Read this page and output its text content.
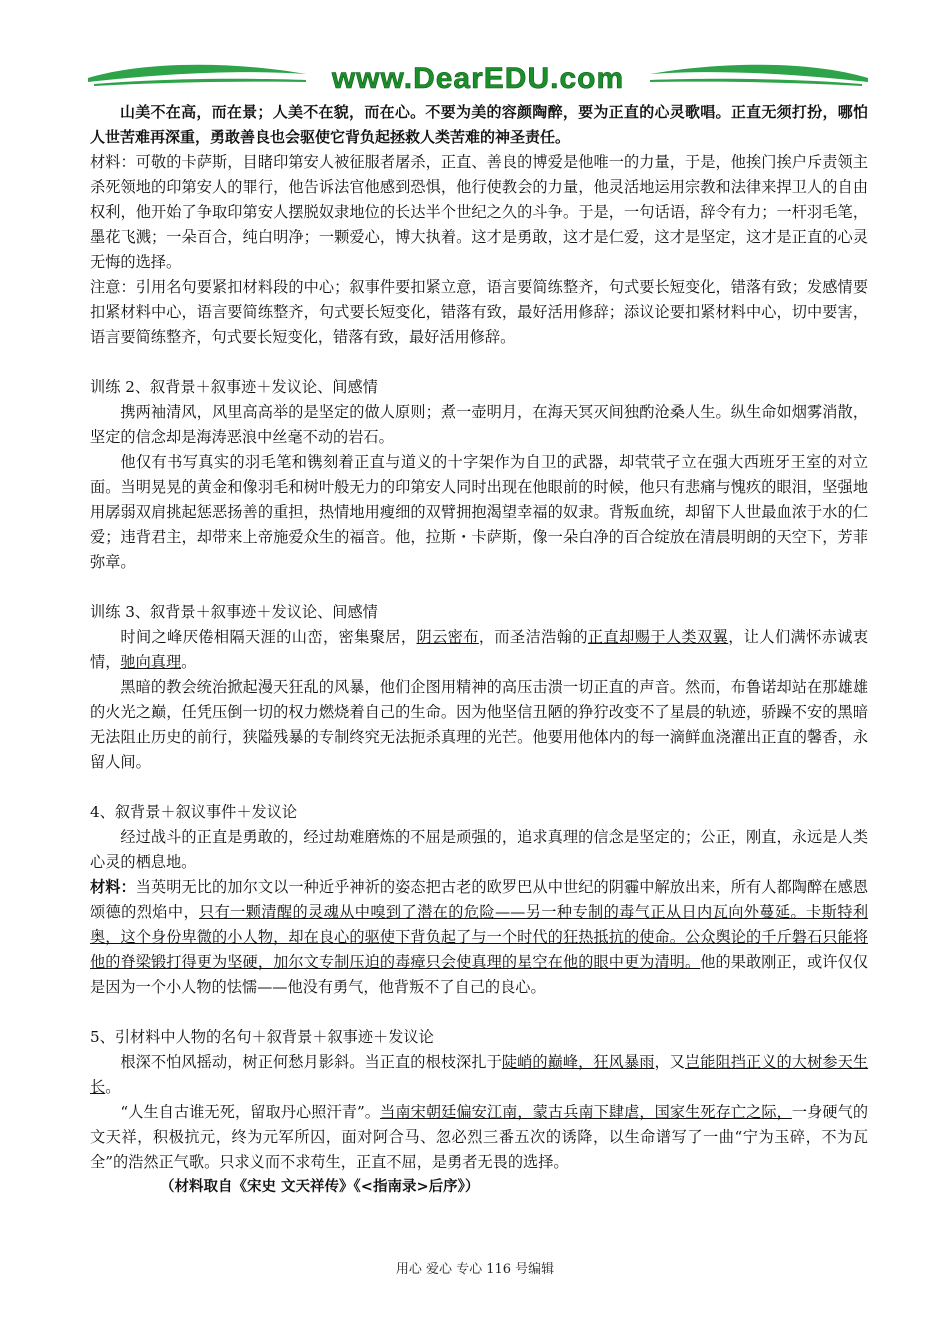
www.DearEDU.com

山美不在高，而在景；人美不在貌，而在心。不要为美的容颜陶醉，要为正直的心灵歌唱。正直无须打扮，哪怕人世苦难再深重，勇敢善良也会驱使它背负起拯救人类苦难的神圣责任。

材料：可敬的卡萨斯，目睹印第安人被征服者屠杀，正直、善良的博爱是他唯一的力量，于是，他挨门挨户斥责领主杀死领地的印第安人的罪行，他告诉法官他感到恐惧，他行使教会的力量，他灵活地运用宗教和法律来捍卫人的自由权利，他开始了争取印第安人摆脱奴隶地位的长达半个世纪之久的斗争。于是，一句话语，辞令有力；一杆羽毛笔，墨花飞溅；一朵百合，纯白明净；一颗爱心，博大执着。这才是勇敢，这才是仁爱，这才是坚定，这才是正直的心灵无悔的选择。

注意：引用名句要紧扣材料段的中心；叙事件要扣紧立意，语言要简练整齐，句式要长短变化，错落有致；发感情要扣紧材料中心，语言要简练整齐，句式要长短变化，错落有致，最好活用修辞；添议论要扣紧材料中心，切中要害，语言要简练整齐，句式要长短变化，错落有致，最好活用修辞。

训练 2、叙背景＋叙事迹＋发议论、间感情

携两袖清风，风里高高举的是坚定的做人原则；煮一壶明月，在海天冥灭间独酌沧桑人生。纵生命如烟雾消散，坚定的信念却是海涛恶浪中丝毫不动的岩石。

他仅有书写真实的羽毛笔和镌刻着正直与道义的十字架作为自卫的武器，却茕茕孑立在强大西班牙王室的对立面。当明晃晃的黄金和像羽毛和树叶般无力的印第安人同时出现在他眼前的时候，他只有悲痛与愧疚的眼泪，坚强地用孱弱双肩挑起惩恶扬善的重担，热情地用瘦细的双臂拥抱渴望幸福的奴隶。背叛血统，却留下人世最血浓于水的仁爱；违背君主，却带来上帝施爱众生的福音。他，拉斯・卡萨斯，像一朵白净的百合绽放在清晨明朗的天空下，芳菲弥章。

训练 3、叙背景＋叙事迹＋发议论、间感情

时间之峰厌倦相隔天涯的山峦，密集聚居，阴云密布，而圣洁浩翰的正直却赐于人类双翼，让人们满怀赤诚衷情，驰向真理。

黑暗的教会统治掀起漫天狂乱的风暴，他们企图用精神的高压击溃一切正直的声音。然而，布鲁诺却站在那雄雄的火光之巅，任凭压倒一切的权力燃烧着自己的生命。因为他坚信丑陋的狰狞改变不了星晨的轨迹，骄躁不安的黑暗无法阻止历史的前行，狭隘残暴的专制终究无法扼杀真理的光芒。他要用他体内的每一滴鲜血浇灌出正直的馨香，永留人间。

4、叙背景＋叙议事件＋发议论

经过战斗的正直是勇敢的，经过劫难磨炼的不屈是顽强的，追求真理的信念是坚定的；公正，刚直，永远是人类心灵的栖息地。

材料：当英明无比的加尔文以一种近乎神祈的姿态把古老的欧罗巴从中世纪的阴霾中解放出来，所有人都陶醉在感恩颂德的烈焰中，只有一颗清醒的灵魂从中嗅到了潜在的危险——另一种专制的毒气正从日内瓦向外蔓延。卡斯特利奥，这个身份卑微的小人物，却在良心的驱使下背负起了与一个时代的狂热抵抗的使命。公众舆论的千斤磐石只能将他的脊梁锻打得更为坚硬，加尔文专制压迫的毒瘴只会使真理的星空在他的眼中更为清明。他的果敢刚正，或许仅仅是因为一个小人物的怯懦——他没有勇气，他背叛不了自己的良心。

5、引材料中人物的名句＋叙背景＋叙事迹＋发议论

根深不怕风摇动，树正何愁月影斜。当正直的根枝深扎于陡峭的巅峰，狂风暴雨，又岂能阻挡正义的大树参天生长。

“人生自古谁无死，留取丹心照汗青”。当南宋朝廷偏安江南，蒙古兵南下肆虐，国家生死存亡之际，一身硬气的文天祥，积极抗元，终为元军所囚，面对阿合马、忽必烈三番五次的诱降，以生命谱写了一曲“宁为玉碎，不为瓦全”的浩然正气歌。只求义而不求苟生，正直不屈，是勇者无畏的选择。

（材料取自《宋史 文天祥传》《<指南录>后序》）

用心 爱心 专心 116 号编辑
